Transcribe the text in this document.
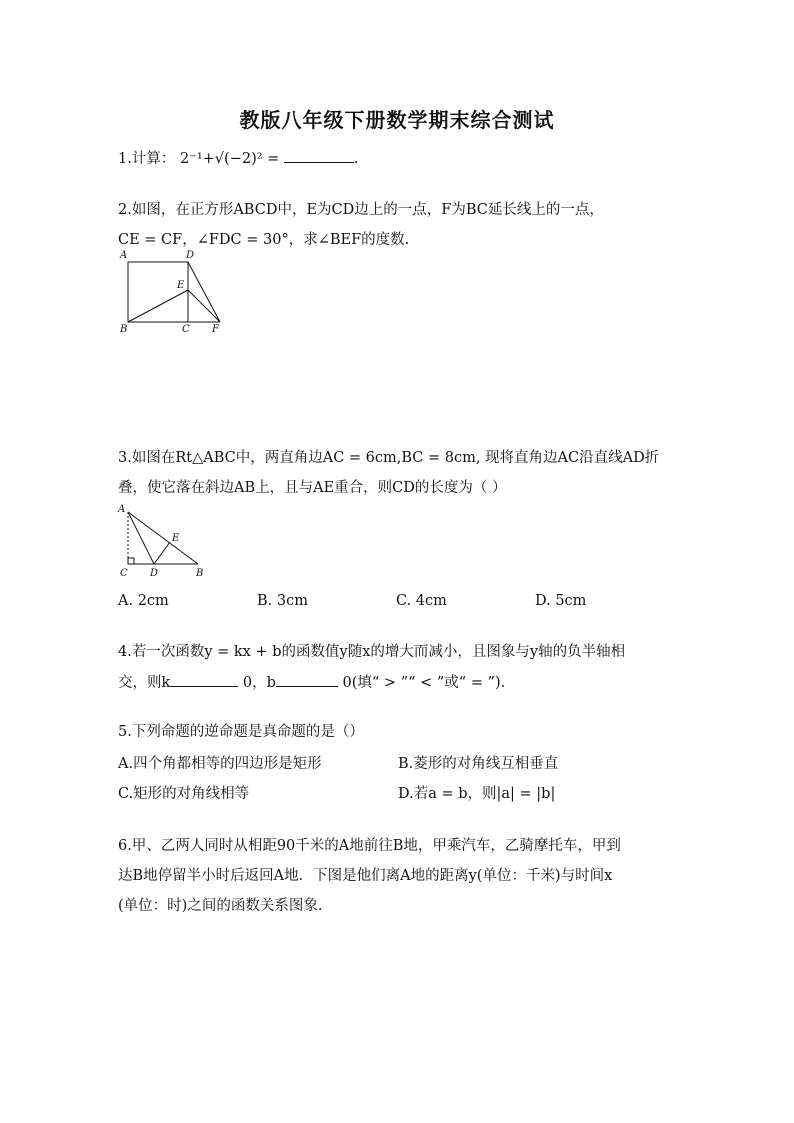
教版八年级下册数学期末综合测试
1.计算： 2⁻¹+√(−2)² =	.
2.如图，在正方形ABCD中，E为CD边上的一点，F为BC延长线上的一点，
CE = CF，∠FDC = 30°，求∠BEF的度数.
A	D
E
B	C F
3.如图在Rt△ABC中，两直角边AC = 6cm,BC = 8cm, 现将直角边AC沿直线AD折
叠，使它落在斜边AB上，且与AE重合，则CD的长度为（ ）
A
E
C D	B
A. 2cm	B. 3cm	C. 4cm	D. 5cm
4.若一次函数y = kx + b的函数值y随x的增大而减小，且图象与y轴的负半轴相
交，则k	0，b	0(填“ > ”“ < ”或“ = ”).
5.下列命题的逆命题是真命题的是（）
A.四个角都相等的四边形是矩形	B.菱形的对角线互相垂直
C.矩形的对角线相等	D.若a = b，则|a| = |b|
6.甲、乙两人同时从相距90千米的A地前往B地，甲乘汽车，乙骑摩托车，甲到
达B地停留半小时后返回A地．下图是他们离A地的距离y(单位：千米)与时间x
(单位：时)之间的函数关系图象.
